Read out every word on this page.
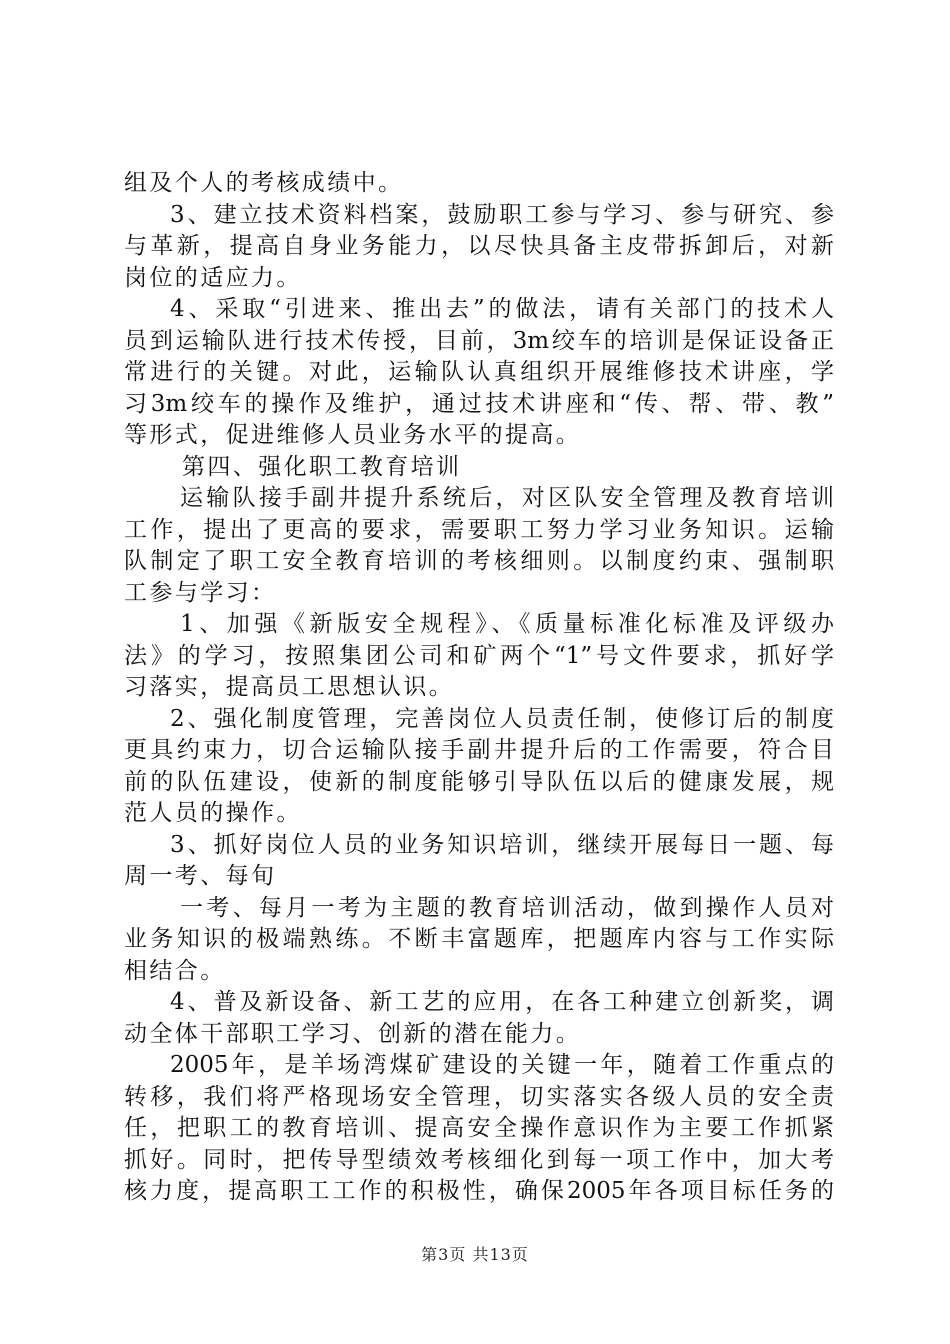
组及个人的考核成绩中。
3、建立技术资料档案，鼓励职工参与学习、参与研究、参
与革新，提高自身业务能力，以尽快具备主皮带拆卸后，对新
岗位的适应力。
4、采取“引进来、推出去”的做法，请有关部门的技术人
员到运输队进行技术传授，目前，3m绞车的培训是保证设备正
常进行的关键。对此，运输队认真组织开展维修技术讲座，学
习3m绞车的操作及维护，通过技术讲座和“传、帮、带、教”
等形式，促进维修人员业务水平的提高。
第四、强化职工教育培训
运输队接手副井提升系统后，对区队安全管理及教育培训
工作，提出了更高的要求，需要职工努力学习业务知识。运输
队制定了职工安全教育培训的考核细则。以制度约束、强制职
工参与学习：
1、加强《新版安全规程》、《质量标准化标准及评级办
法》的学习，按照集团公司和矿两个“1”号文件要求，抓好学
习落实，提高员工思想认识。
2、强化制度管理，完善岗位人员责任制，使修订后的制度
更具约束力，切合运输队接手副井提升后的工作需要，符合目
前的队伍建设，使新的制度能够引导队伍以后的健康发展，规
范人员的操作。
3、抓好岗位人员的业务知识培训，继续开展每日一题、每
周一考、每旬
一考、每月一考为主题的教育培训活动，做到操作人员对
业务知识的极端熟练。不断丰富题库，把题库内容与工作实际
相结合。
4、普及新设备、新工艺的应用，在各工种建立创新奖，调
动全体干部职工学习、创新的潜在能力。
2005年，是羊场湾煤矿建设的关键一年，随着工作重点的
转移，我们将严格现场安全管理，切实落实各级人员的安全责
任，把职工的教育培训、提高安全操作意识作为主要工作抓紧
抓好。同时，把传导型绩效考核细化到每一项工作中，加大考
核力度，提高职工工作的积极性，确保2005年各项目标任务的
第3页 共13页
